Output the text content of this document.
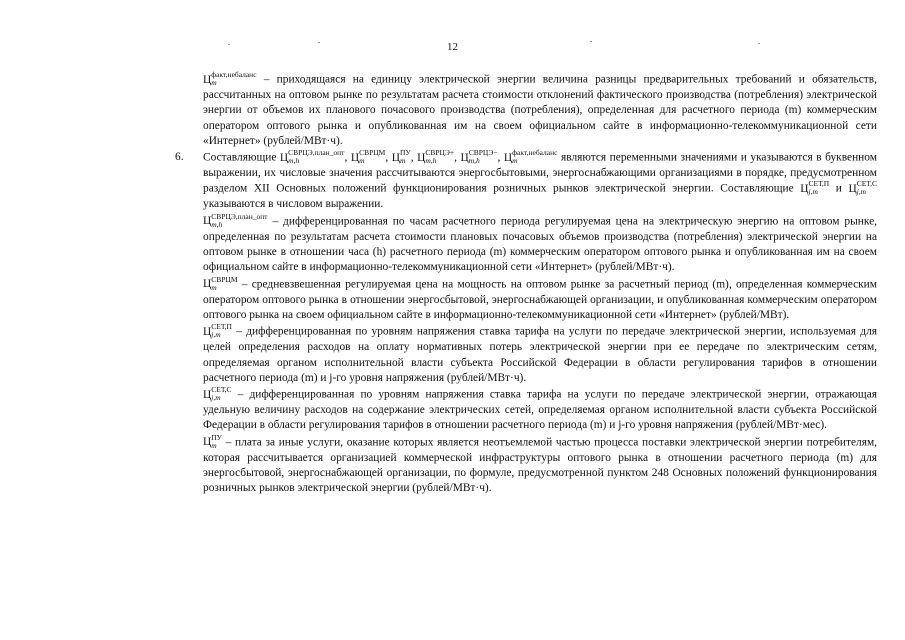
12

Ц факт,небаланс
m	– приходящаяся на единицу электрической энергии величина разницы предварительных требований и обязательств, рассчитанных на оптовом рынке по результатам расчета стоимости отклонений фактического производства (потребления) электрической энергии от объемов их планового почасового производства (потребления), определенная для расчетного периода (m) коммерческим оператором оптового рынка и опубликованная им на своем официальном сайте в информационно-телекоммуникационной сети «Интернет» (рублей/МВт·ч).

6. Составляющие Ц СВРЦЭ,план_опт
m,h	, Ц СВРЦМ
m	, Ц ПУ
m , Ц СВРЦЭ+
m,h	, Ц СВРЦЭ−
m,h	, Ц факт,небаланс
m	являются переменными значениями и указываются в буквенном выражении, их числовые значения рассчитываются энергосбытовыми, энергоснабжающими организациями в порядке, предусмотренном разделом XII Основных положений функционирования розничных рынков электрической энергии. Составляющие Ц СЕТ,П
j,m	и Ц СЕТ,С
j,m
указываются в числовом выражении.

Ц СВРЦЭ,план_опт
m,h	– дифференцированная по часам расчетного периода регулируемая цена на электрическую энергию на оптовом рынке, определенная по результатам расчета стоимости плановых почасовых объемов производства (потребления) электрической энергии на оптовом рынке в отношении часа (h) расчетного периода (m) коммерческим оператором оптового рынка и опубликованная им на своем официальном сайте в информационно-телекоммуникационной сети «Интернет» (рублей/МВт·ч).

Ц СВРЦМ
m	– средневзвешенная регулируемая цена на мощность на оптовом рынке за расчетный период (m), определенная коммерческим оператором оптового рынка в отношении энергосбытовой, энергоснабжающей организации, и опубликованная коммерческим оператором оптового рынка на своем официальном сайте в информационно-телекоммуникационной сети «Интернет» (рублей/МВт).

Ц СЕТ,П
j,m	– дифференцированная по уровням напряжения ставка тарифа на услуги по передаче электрической энергии, используемая для целей определения расходов на оплату нормативных потерь электрической энергии при ее передаче по электрическим сетям, определяемая органом исполнительной власти субъекта Российской Федерации в области регулирования тарифов в отношении расчетного периода (m) и j-го уровня напряжения (рублей/МВт·ч).

Ц СЕТ,С
j,m	– дифференцированная по уровням напряжения ставка тарифа на услуги по передаче электрической энергии, отражающая удельную величину расходов на содержание электрических сетей, определяемая органом исполнительной власти субъекта Российской Федерации в области регулирования тарифов в отношении расчетного периода (m) и j-го уровня напряжения (рублей/МВт·мес).

Ц ПУ
m – плата за иные услуги, оказание которых является неотъемлемой частью процесса поставки электрической энергии потребителям, которая рассчитывается организацией коммерческой инфраструктуры оптового рынка в отношении расчетного периода (m) для энергосбытовой, энергоснабжающей организации, по формуле, предусмотренной пунктом 248 Основных положений функционирования розничных рынков электрической энергии (рублей/МВт·ч).
